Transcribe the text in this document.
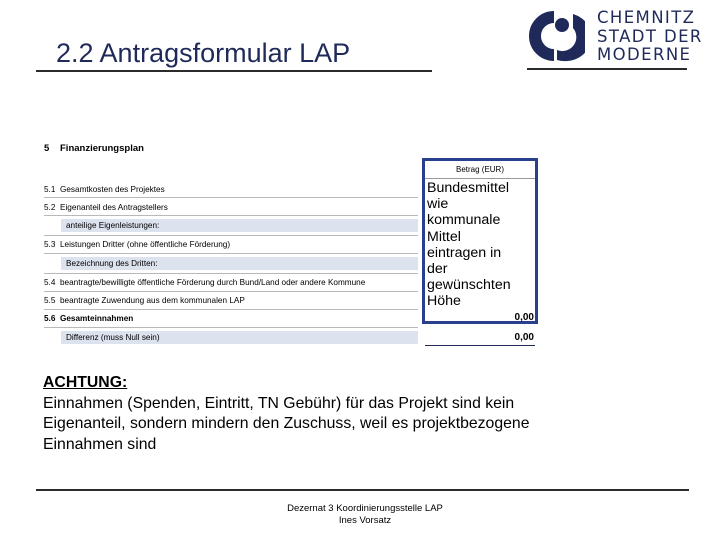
2.2 Antragsformular LAP
CHEMNITZ
STADT DER
MODERNE
5 Finanzierungsplan
5.1 Gesamtkosten des Projektes
5.2 Eigenanteil des Antragstellers
anteilige Eigenleistungen:
5.3 Leistungen Dritter (ohne öffentliche Förderung)
Bezeichnung des Dritten:
5.4 beantragte/bewilligte öffentliche Förderung durch Bund/Land oder andere Kommune
5.5 beantragte Zuwendung aus dem kommunalen LAP
5.6 Gesamteinnahmen
Differenz (muss Null sein)
Betrag (EUR)
Bundesmittel
wie
kommunale
Mittel
eintragen in
der
gewünschten
Höhe
0,00
0,00
ACHTUNG:
Einnahmen (Spenden, Eintritt, TN Gebühr) für das Projekt sind kein
Eigenanteil, sondern mindern den Zuschuss, weil es projektbezogene
Einnahmen sind
Dezernat 3 Koordinierungsstelle LAP
Ines Vorsatz
